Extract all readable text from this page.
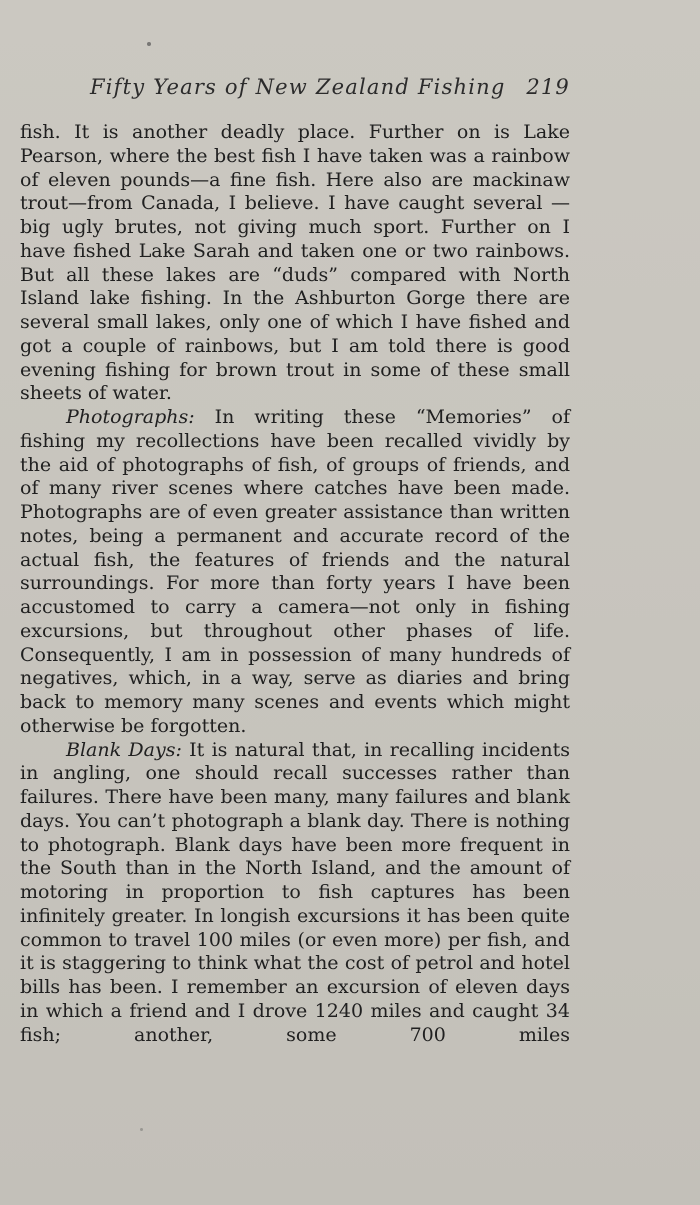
Fifty Years of New Zealand Fishing 219

fish. It is another deadly place. Further on is Lake Pearson, where the best fish I have taken was a rainbow of eleven pounds—a fine fish. Here also are mackinaw trout—from Canada, I believe. I have caught several —big ugly brutes, not giving much sport. Further on I have fished Lake Sarah and taken one or two rainbows. But all these lakes are “duds” compared with North Island lake fishing. In the Ashburton Gorge there are several small lakes, only one of which I have fished and got a couple of rainbows, but I am told there is good evening fishing for brown trout in some of these small sheets of water.

Photographs: In writing these “Memories” of fishing my recollections have been recalled vividly by the aid of photographs of fish, of groups of friends, and of many river scenes where catches have been made. Photographs are of even greater assistance than written notes, being a permanent and accurate record of the actual fish, the features of friends and the natural surroundings. For more than forty years I have been accustomed to carry a camera—not only in fishing excursions, but throughout other phases of life. Consequently, I am in possession of many hundreds of negatives, which, in a way, serve as diaries and bring back to memory many scenes and events which might otherwise be forgotten.

Blank Days: It is natural that, in recalling incidents in angling, one should recall successes rather than failures. There have been many, many failures and blank days. You can’t photograph a blank day. There is nothing to photograph. Blank days have been more frequent in the South than in the North Island, and the amount of motoring in proportion to fish captures has been infinitely greater. In longish excursions it has been quite common to travel 100 miles (or even more) per fish, and it is staggering to think what the cost of petrol and hotel bills has been. I remember an excursion of eleven days in which a friend and I drove 1240 miles and caught 34 fish; another, some 700 miles
